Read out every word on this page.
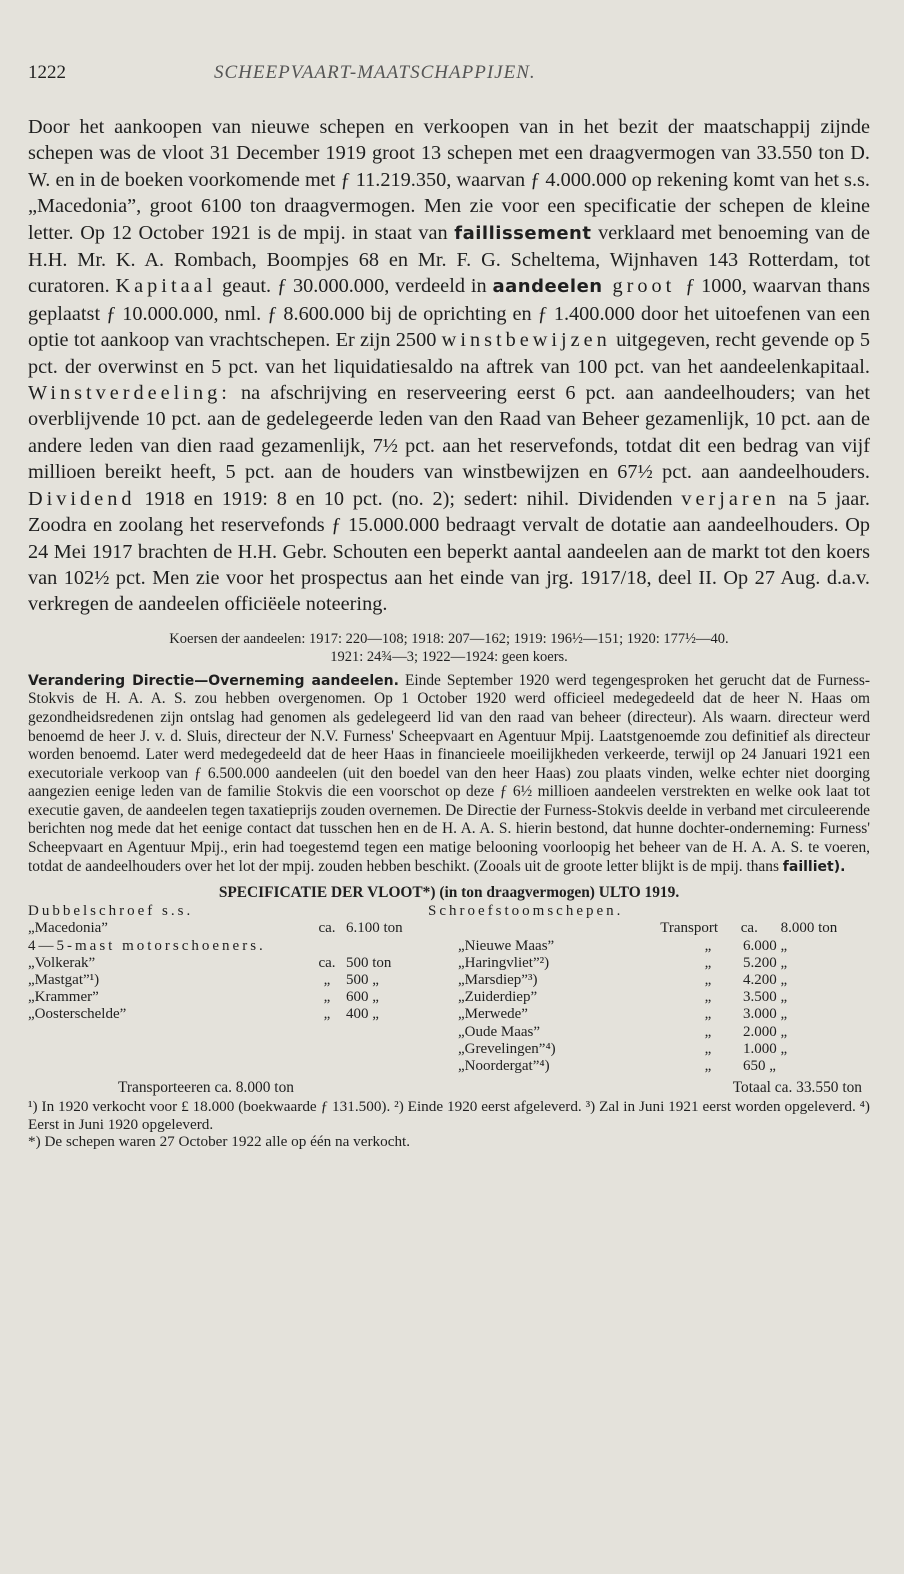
1222	SCHEEPVAART-MAATSCHAPPIJEN.

Door het aankoopen van nieuwe schepen en verkoopen van in het bezit der maatschappij zijnde schepen was de vloot 31 December 1919 groot 13 schepen met een draagvermogen van 33.550 ton D. W. en in de boeken voorkomende met ƒ 11.219.350, waarvan ƒ 4.000.000 op rekening komt van het s.s. „Macedonia”, groot 6100 ton draagvermogen. Men zie voor een specificatie der schepen de kleine letter. Op 12 October 1921 is de mpij. in staat van faillissement verklaard met benoeming van de H.H. Mr. K. A. Rombach, Boompjes 68 en Mr. F. G. Scheltema, Wijnhaven 143 Rotterdam, tot curatoren. Kapitaal geaut. ƒ 30.000.000, verdeeld in aandeelen groot ƒ 1000, waarvan thans geplaatst ƒ 10.000.000, nml. ƒ 8.600.000 bij de oprichting en ƒ 1.400.000 door het uitoefenen van een optie tot aankoop van vrachtschepen. Er zijn 2500 winstbewijzen uitgegeven, recht gevende op 5 pct. der overwinst en 5 pct. van het liquidatiesaldo na aftrek van 100 pct. van het aandeelenkapitaal. Winstverdeeling: na afschrijving en reserveering eerst 6 pct. aan aandeelhouders; van het overblijvende 10 pct. aan de gedelegeerde leden van den Raad van Beheer gezamenlijk, 10 pct. aan de andere leden van dien raad gezamenlijk, 7½ pct. aan het reservefonds, totdat dit een bedrag van vijf millioen bereikt heeft, 5 pct. aan de houders van winstbewijzen en 67½ pct. aan aandeelhouders. Dividend 1918 en 1919: 8 en 10 pct. (no. 2); sedert: nihil. Dividenden verjaren na 5 jaar. Zoodra en zoolang het reservefonds ƒ 15.000.000 bedraagt vervalt de dotatie aan aandeelhouders. Op 24 Mei 1917 brachten de H.H. Gebr. Schouten een beperkt aantal aandeelen aan de markt tot den koers van 102½ pct. Men zie voor het prospectus aan het einde van jrg. 1917/18, deel II. Op 27 Aug. d.a.v. verkregen de aandeelen officiëele noteering.

Koersen der aandeelen: 1917: 220—108; 1918: 207—162; 1919: 196½—151; 1920: 177½—40.
1921: 24¾—3; 1922—1924: geen koers.
Verandering Directie—Overneming aandeelen. Einde September 1920 werd tegengesproken het gerucht dat de Furness-Stokvis de H. A. A. S. zou hebben overgenomen. Op 1 October 1920 werd officieel medegedeeld dat de heer N. Haas om gezondheidsredenen zijn ontslag had genomen als gedelegeerd lid van den raad van beheer (directeur). Als waarn. directeur werd benoemd de heer J. v. d. Sluis, directeur der N.V. Furness' Scheepvaart en Agentuur Mpij. Laatstgenoemde zou definitief als directeur worden benoemd. Later werd medegedeeld dat de heer Haas in financieele moeilijkheden verkeerde, terwijl op 24 Januari 1921 een executoriale verkoop van ƒ 6.500.000 aandeelen (uit den boedel van den heer Haas) zou plaats vinden, welke echter niet doorging aangezien eenige leden van de familie Stokvis die een voorschot op deze ƒ 6½ millioen aandeelen verstrekten en welke ook laat tot executie gaven, de aandeelen tegen taxatieprijs zouden overnemen. De Directie der Furness-Stokvis deelde in verband met circuleerende berichten nog mede dat het eenige contact dat tusschen hen en de H. A. A. S. hierin bestond, dat hunne dochter-onderneming: Furness' Scheepvaart en Agentuur Mpij., erin had toegestemd tegen een matige belooning voorloopig het beheer van de H. A. A. S. te voeren, totdat de aandeelhouders over het lot der mpij. zouden hebben beschikt. (Zooals uit de groote letter blijkt is de mpij. thans failliet).
SPECIFICATIE DER VLOOT*) (in ton draagvermogen) ULTO 1919.
Dubbelschroef s.s.
„Macedonia”	ca. 6.100 ton
4—5-mast motorschoeners.
„Volkerak”	ca. 500 ton
„Mastgat”¹)	„	500 „
„Krammer”	„	600 „
„Oosterschelde”	„	400 „
Schroefstoomschepen.
Transport	ca.	8.000 ton
„Nieuwe Maas”	„	6.000 „
„Haringvliet”²)	„	5.200 „
„Marsdiep”³)	„	4.200 „
„Zuiderdiep”	„	3.500 „
„Merwede”	„	3.000 „
„Oude Maas”	„	2.000 „
„Grevelingen”⁴)	„	1.000 „
„Noordergat”⁴)	„	650 „
Transporteeren ca. 8.000 ton	Totaal ca. 33.550 ton
¹) In 1920 verkocht voor £ 18.000 (boekwaarde ƒ 131.500). ²) Einde 1920 eerst afgeleverd. ³) Zal in Juni 1921 eerst worden opgeleverd. ⁴) Eerst in Juni 1920 opgeleverd.
*) De schepen waren 27 October 1922 alle op één na verkocht.
